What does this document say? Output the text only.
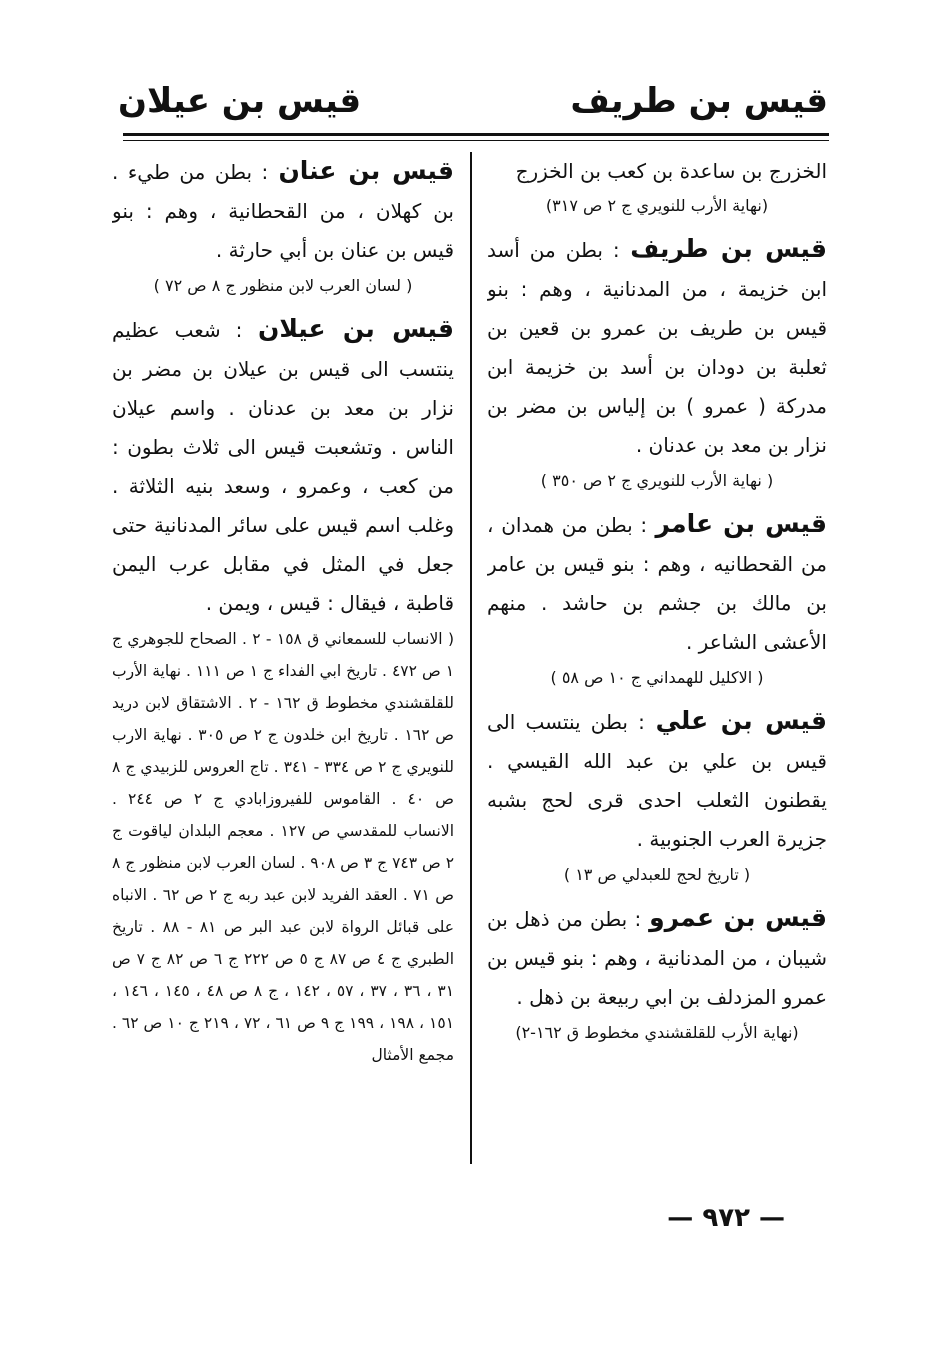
قيس بن طريف
قيس بن عيلان
الخزرج بن ساعدة بن كعب بن الخزرج
(نهاية الأرب للنويري ج ٢ ص ٣١٧)
قيس بن طريف : بطن من أسد ابن خزيمة ، من المدنانية ، وهم : بنو قيس بن طريف بن عمرو بن قعين بن ثعلبة بن دودان بن أسد بن خزيمة ابن مدركة ( عمرو ) بن إلياس بن مضر بن نزار بن معد بن عدنان .
( نهاية الأرب للنويري ج ٢ ص ٣٥٠ )
قيس بن عامر : بطن من همدان ، من القحطانيه ، وهم : بنو قيس بن عامر بن مالك بن جشم بن حاشد . منهم الأعشى الشاعر .
( الاكليل للهمداني ج ١٠ ص ٥٨ )
قيس بن علي : بطن ينتسب الى قيس بن علي بن عبد الله القيسي . يقطنون الثعلب احدى قرى لحج بشبه جزيرة العرب الجنوبية .
( تاريخ لحج للعبدلي ص ١٣ )
قيس بن عمرو : بطن من ذهل بن شيبان ، من المدنانية ، وهم : بنو قيس بن عمرو المزدلف بن ابي ربيعة بن ذهل .
(نهاية الأرب للقلقشندي مخطوط ق ١٦٢-٢)
قيس بن عنان : بطن من طيء . بن كهلان ، من القحطانية ، وهم : بنو قيس بن عنان بن أبي حارثة .
( لسان العرب لابن منظور ج ٨ ص ٧٢ )
قيس بن عيلان : شعب عظيم ينتسب الى قيس بن عيلان بن مضر بن نزار بن معد بن عدنان . واسم عيلان الناس . وتشعبت قيس الى ثلاث بطون : من كعب ، وعمرو ، وسعد بنيه الثلاثة . وغلب اسم قيس على سائر المدنانية حتى جعل في المثل في مقابل عرب اليمن قاطبة ، فيقال : قيس ، ويمن .
( الانساب للسمعاني ق ١٥٨ - ٢ . الصحاح للجوهري ج ١ ص ٤٧٢ . تاريخ ابي الفداء ج ١ ص ١١١ . نهاية الأرب للقلقشندي مخطوط ق ١٦٢ - ٢ . الاشتقاق لابن دريد ص ١٦٢ . تاريخ ابن خلدون ج ٢ ص ٣٠٥ . نهاية الارب للنويري ج ٢ ص ٣٣٤ - ٣٤١ . تاج العروس للزبيدي ج ٨ ص ٤٠ . القاموس للفيروزابادي ج ٢ ص ٢٤٤ . الانساب للمقدسي ص ١٢٧ . معجم البلدان لياقوت ج ٢ ص ٧٤٣ ج ٣ ص ٩٠٨ . لسان العرب لابن منظور ج ٨ ص ٧١ . العقد الفريد لابن عبد ربه ج ٢ ص ٦٢ . الانباه على قبائل الرواة لابن عبد البر ص ٨١ - ٨٨ . تاريخ الطبري ج ٤ ص ٨٧ ج ٥ ص ٢٢٢ ج ٦ ص ٨٢ ج ٧ ص ٣١ ، ٣٦ ، ٣٧ ، ٥٧ ، ١٤٢ ، ج ٨ ص ٤٨ ، ١٤٥ ، ١٤٦ ، ١٥١ ، ١٩٨ ، ١٩٩ ج ٩ ص ٦١ ، ٧٢ ، ٢١٩ ج ١٠ ص ٦٢ . مجمع الأمثال
— ٩٧٢ —
